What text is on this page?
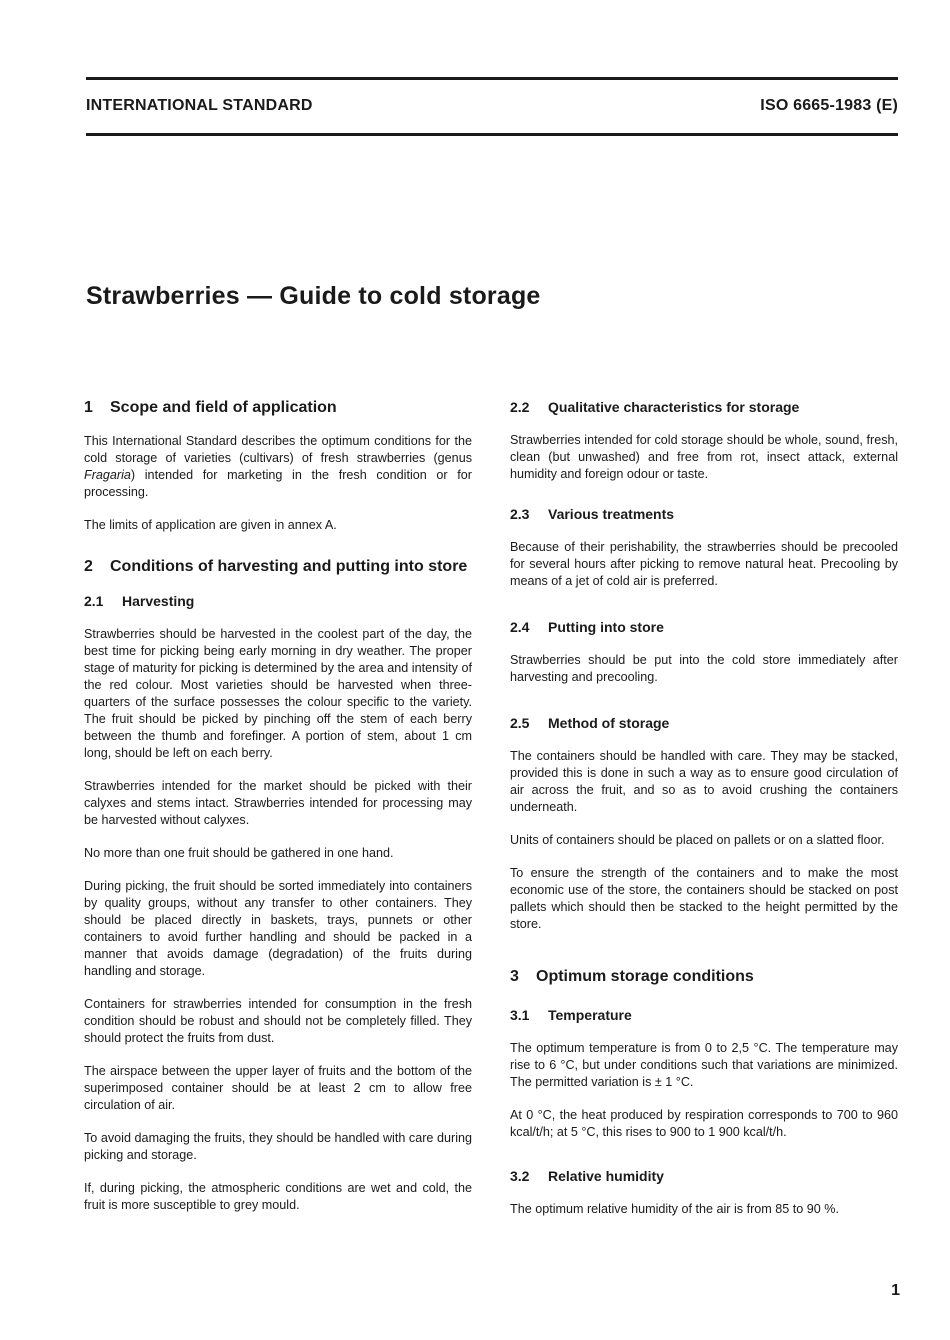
INTERNATIONAL STANDARD	ISO 6665-1983 (E)
Strawberries — Guide to cold storage
1	Scope and field of application

This International Standard describes the optimum conditions for the cold storage of varieties (cultivars) of fresh strawberries (genus Fragaria) intended for marketing in the fresh condition or for processing.

The limits of application are given in annex A.

2	Conditions of harvesting and putting into store
2.1	Harvesting

Strawberries should be harvested in the coolest part of the day, the best time for picking being early morning in dry weather. The proper stage of maturity for picking is determined by the area and intensity of the red colour. Most varieties should be harvested when three-quarters of the surface possesses the colour specific to the variety. The fruit should be picked by pinching off the stem of each berry between the thumb and forefinger. A portion of stem, about 1 cm long, should be left on each berry.

Strawberries intended for the market should be picked with their calyxes and stems intact. Strawberries intended for processing may be harvested without calyxes.

No more than one fruit should be gathered in one hand.

During picking, the fruit should be sorted immediately into containers by quality groups, without any transfer to other containers. They should be placed directly in baskets, trays, punnets or other containers to avoid further handling and should be packed in a manner that avoids damage (degradation) of the fruits during handling and storage.

Containers for strawberries intended for consumption in the fresh condition should be robust and should not be completely filled. They should protect the fruits from dust.

The airspace between the upper layer of fruits and the bottom of the superimposed container should be at least 2 cm to allow free circulation of air.

To avoid damaging the fruits, they should be handled with care during picking and storage.

If, during picking, the atmospheric conditions are wet and cold, the fruit is more susceptible to grey mould.

2.2	Qualitative characteristics for storage

Strawberries intended for cold storage should be whole, sound, fresh, clean (but unwashed) and free from rot, insect attack, external humidity and foreign odour or taste.

2.3	Various treatments

Because of their perishability, the strawberries should be precooled for several hours after picking to remove natural heat. Precooling by means of a jet of cold air is preferred.

2.4	Putting into store

Strawberries should be put into the cold store immediately after harvesting and precooling.

2.5	Method of storage

The containers should be handled with care. They may be stacked, provided this is done in such a way as to ensure good circulation of air across the fruit, and so as to avoid crushing the containers underneath.

Units of containers should be placed on pallets or on a slatted floor.

To ensure the strength of the containers and to make the most economic use of the store, the containers should be stacked on post pallets which should then be stacked to the height permitted by the store.

3	Optimum storage conditions
3.1	Temperature

The optimum temperature is from 0 to 2,5 °C. The temperature may rise to 6 °C, but under conditions such that variations are minimized. The permitted variation is ± 1 °C.

At 0 °C, the heat produced by respiration corresponds to 700 to 960 kcal/t/h; at 5 °C, this rises to 900 to 1 900 kcal/t/h.

3.2	Relative humidity

The optimum relative humidity of the air is from 85 to 90 %.

1
